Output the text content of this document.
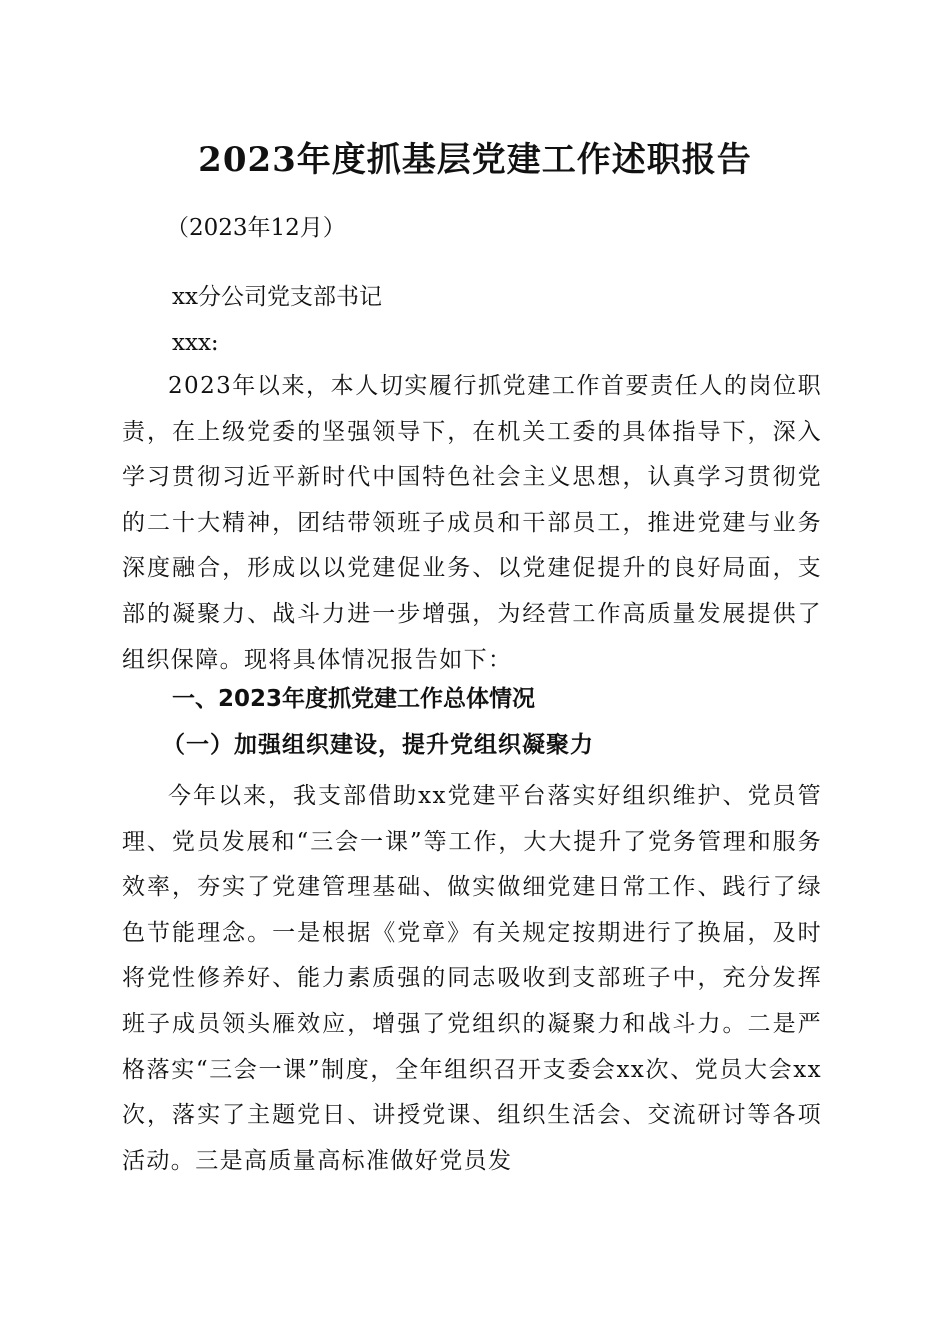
2023年度抓基层党建工作述职报告
（2023年12月）
xx分公司党支部书记
xxx:

2023年以来，本人切实履行抓党建工作首要责任人的岗位职责，在上级党委的坚强领导下，在机关工委的具体指导下，深入学习贯彻习近平新时代中国特色社会主义思想，认真学习贯彻党的二十大精神，团结带领班子成员和干部员工，推进党建与业务深度融合，形成以以党建促业务、以党建促提升的良好局面，支部的凝聚力、战斗力进一步增强，为经营工作高质量发展提供了组织保障。现将具体情况报告如下：

一、2023年度抓党建工作总体情况
（一）加强组织建设，提升党组织凝聚力

今年以来，我支部借助xx党建平台落实好组织维护、党员管理、党员发展和“三会一课”等工作，大大提升了党务管理和服务效率，夯实了党建管理基础、做实做细党建日常工作、践行了绿色节能理念。一是根据《党章》有关规定按期进行了换届，及时将党性修养好、能力素质强的同志吸收到支部班子中，充分发挥班子成员领头雁效应，增强了党组织的凝聚力和战斗力。二是严格落实“三会一课”制度，全年组织召开支委会xx次、党员大会xx次，落实了主题党日、讲授党课、组织生活会、交流研讨等各项活动。三是高质量高标准做好党员发
